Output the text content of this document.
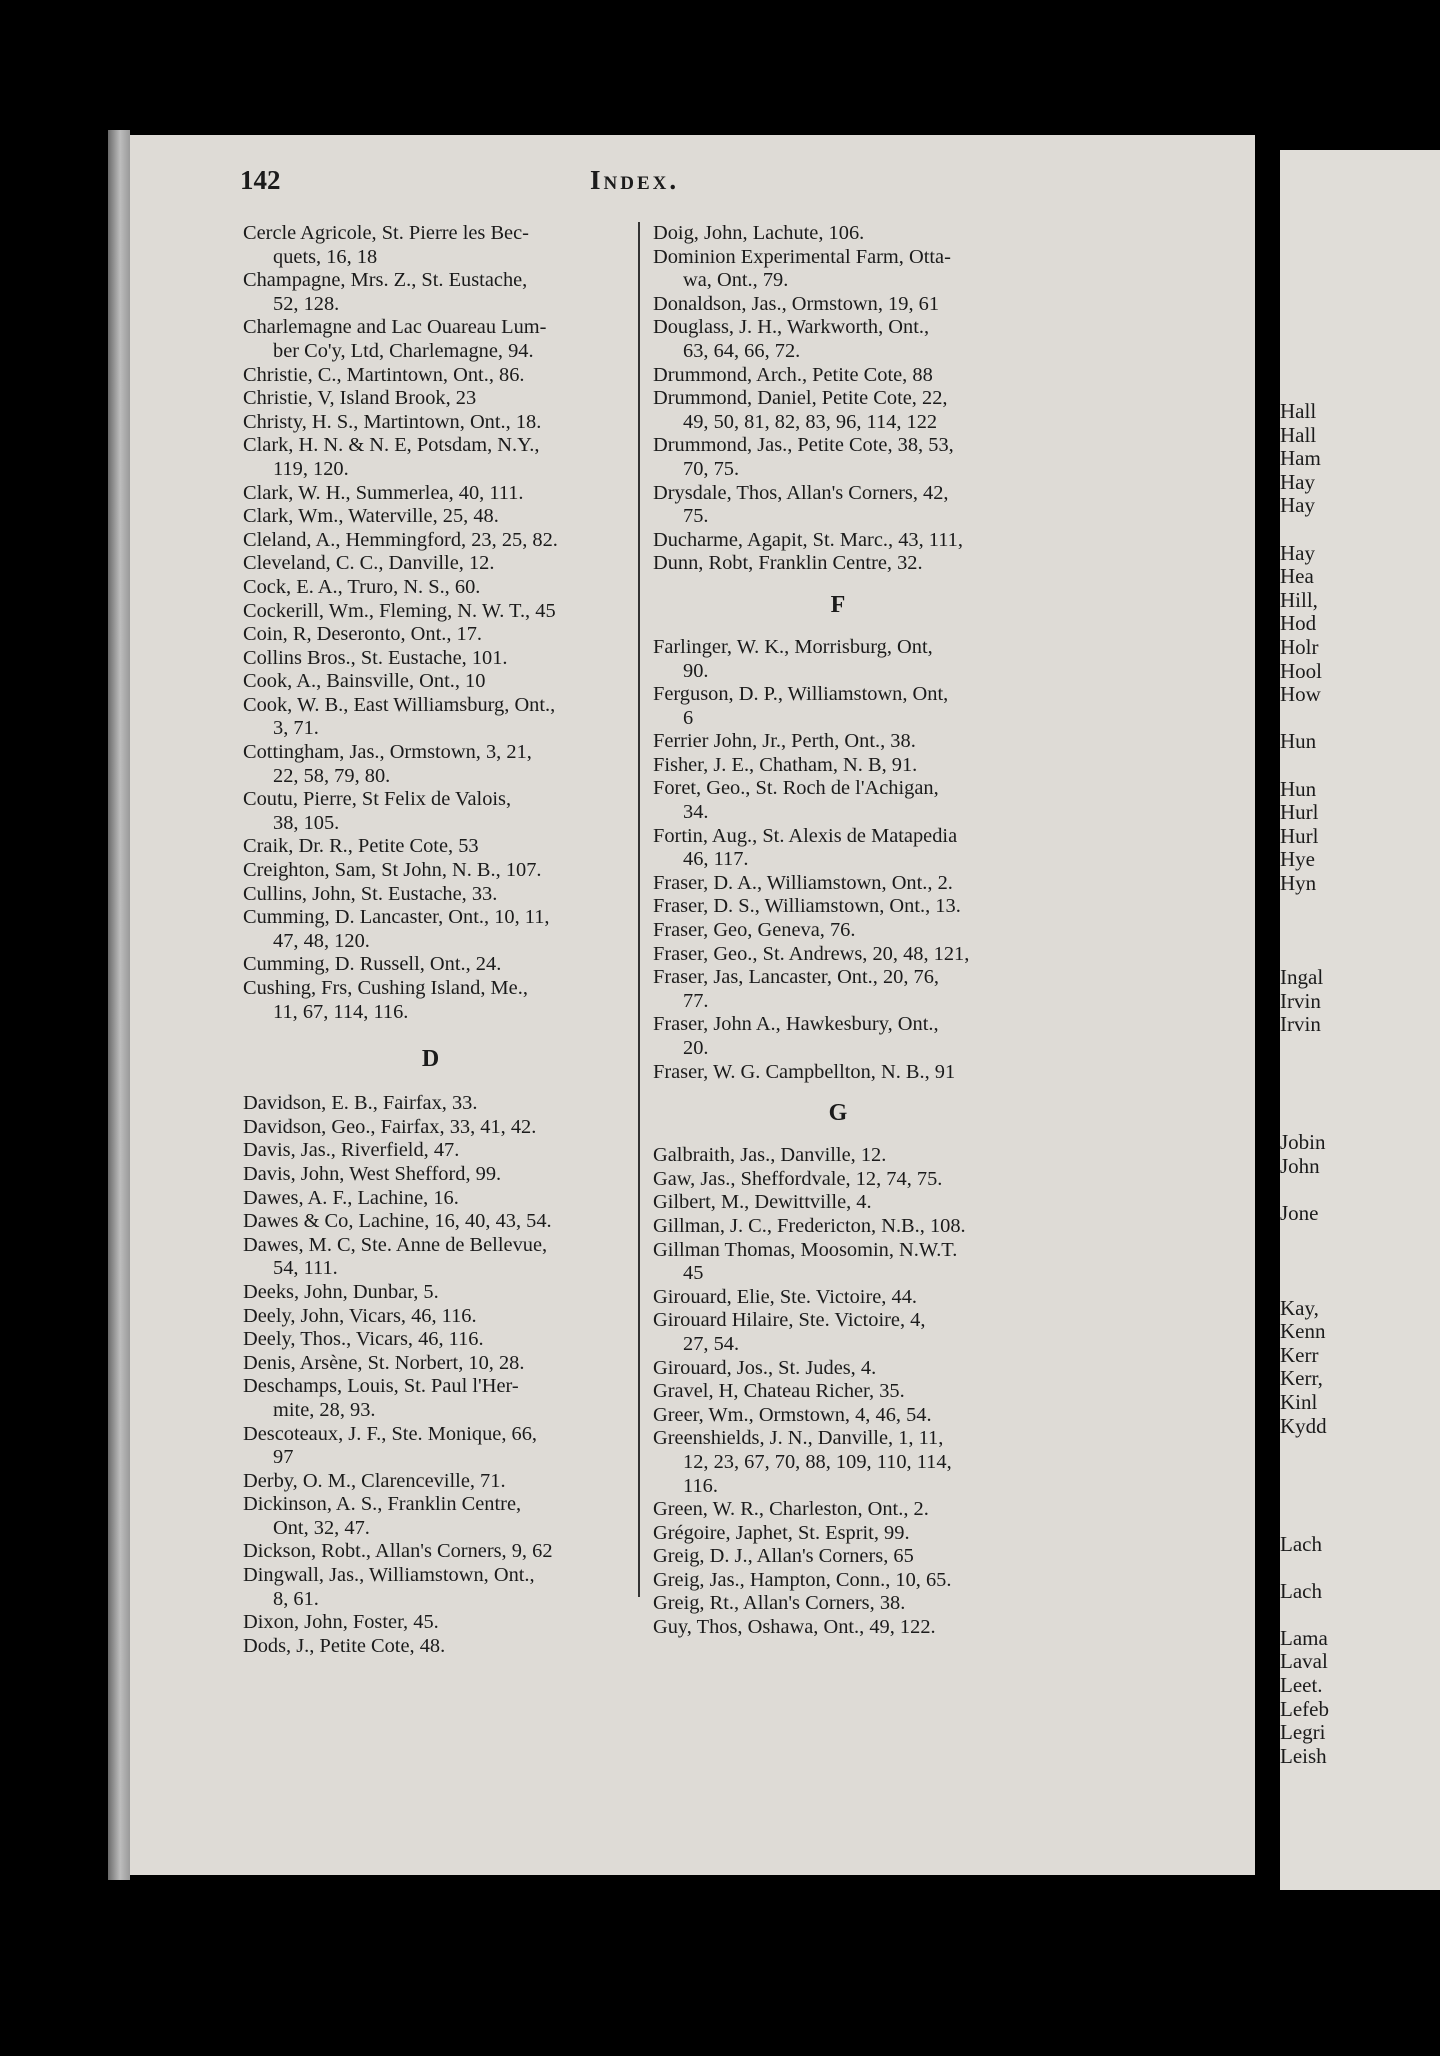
Hall
Hall
Ham
Hay
Hay
Hay
Hea
Hill,
Hod
Holr
Hool
How
Hun
Hun
Hurl
Hurl
Hye
Hyn
Ingal
Irvin
Irvin
Jobin
John
Jone
Kay,
Kenn
Kerr
Kerr,
Kinl
Kydd
Lach
Lach
Lama
Laval
Leet.
Lefeb
Legri
Leish
142	Index.
Cercle Agricole, St. Pierre les Bec-
quets, 16, 18
Champagne, Mrs. Z., St. Eustache,
52, 128.
Charlemagne and Lac Ouareau Lum-
ber Co'y, Ltd, Charlemagne, 94.
Christie, C., Martintown, Ont., 86.
Christie, V, Island Brook, 23
Christy, H. S., Martintown, Ont., 18.
Clark, H. N. & N. E, Potsdam, N.Y.,
119, 120.
Clark, W. H., Summerlea, 40, 111.
Clark, Wm., Waterville, 25, 48.
Cleland, A., Hemmingford, 23, 25, 82.
Cleveland, C. C., Danville, 12.
Cock, E. A., Truro, N. S., 60.
Cockerill, Wm., Fleming, N. W. T., 45
Coin, R, Deseronto, Ont., 17.
Collins Bros., St. Eustache, 101.
Cook, A., Bainsville, Ont., 10
Cook, W. B., East Williamsburg, Ont.,
3, 71.
Cottingham, Jas., Ormstown, 3, 21,
22, 58, 79, 80.
Coutu, Pierre, St Felix de Valois,
38, 105.
Craik, Dr. R., Petite Cote, 53
Creighton, Sam, St John, N. B., 107.
Cullins, John, St. Eustache, 33.
Cumming, D. Lancaster, Ont., 10, 11,
47, 48, 120.
Cumming, D. Russell, Ont., 24.
Cushing, Frs, Cushing Island, Me.,
11, 67, 114, 116.
D
Davidson, E. B., Fairfax, 33.
Davidson, Geo., Fairfax, 33, 41, 42.
Davis, Jas., Riverfield, 47.
Davis, John, West Shefford, 99.
Dawes, A. F., Lachine, 16.
Dawes & Co, Lachine, 16, 40, 43, 54.
Dawes, M. C, Ste. Anne de Bellevue,
54, 111.
Deeks, John, Dunbar, 5.
Deely, John, Vicars, 46, 116.
Deely, Thos., Vicars, 46, 116.
Denis, Arsène, St. Norbert, 10, 28.
Deschamps, Louis, St. Paul l'Her-
mite, 28, 93.
Descoteaux, J. F., Ste. Monique, 66,
97
Derby, O. M., Clarenceville, 71.
Dickinson, A. S., Franklin Centre,
Ont, 32, 47.
Dickson, Robt., Allan's Corners, 9, 62
Dingwall, Jas., Williamstown, Ont.,
8, 61.
Dixon, John, Foster, 45.
Dods, J., Petite Cote, 48.
Doig, John, Lachute, 106.
Dominion Experimental Farm, Otta-
wa, Ont., 79.
Donaldson, Jas., Ormstown, 19, 61
Douglass, J. H., Warkworth, Ont.,
63, 64, 66, 72.
Drummond, Arch., Petite Cote, 88
Drummond, Daniel, Petite Cote, 22,
49, 50, 81, 82, 83, 96, 114, 122
Drummond, Jas., Petite Cote, 38, 53,
70, 75.
Drysdale, Thos, Allan's Corners, 42,
75.
Ducharme, Agapit, St. Marc., 43, 111,
Dunn, Robt, Franklin Centre, 32.
F
Farlinger, W. K., Morrisburg, Ont,
90.
Ferguson, D. P., Williamstown, Ont,
6
Ferrier John, Jr., Perth, Ont., 38.
Fisher, J. E., Chatham, N. B, 91.
Foret, Geo., St. Roch de l'Achigan,
34.
Fortin, Aug., St. Alexis de Matapedia
46, 117.
Fraser, D. A., Williamstown, Ont., 2.
Fraser, D. S., Williamstown, Ont., 13.
Fraser, Geo, Geneva, 76.
Fraser, Geo., St. Andrews, 20, 48, 121,
Fraser, Jas, Lancaster, Ont., 20, 76,
77.
Fraser, John A., Hawkesbury, Ont.,
20.
Fraser, W. G. Campbellton, N. B., 91
G
Galbraith, Jas., Danville, 12.
Gaw, Jas., Sheffordvale, 12, 74, 75.
Gilbert, M., Dewittville, 4.
Gillman, J. C., Fredericton, N.B., 108.
Gillman Thomas, Moosomin, N.W.T.
45
Girouard, Elie, Ste. Victoire, 44.
Girouard Hilaire, Ste. Victoire, 4,
27, 54.
Girouard, Jos., St. Judes, 4.
Gravel, H, Chateau Richer, 35.
Greer, Wm., Ormstown, 4, 46, 54.
Greenshields, J. N., Danville, 1, 11,
12, 23, 67, 70, 88, 109, 110, 114,
116.
Green, W. R., Charleston, Ont., 2.
Grégoire, Japhet, St. Esprit, 99.
Greig, D. J., Allan's Corners, 65
Greig, Jas., Hampton, Conn., 10, 65.
Greig, Rt., Allan's Corners, 38.
Guy, Thos, Oshawa, Ont., 49, 122.
